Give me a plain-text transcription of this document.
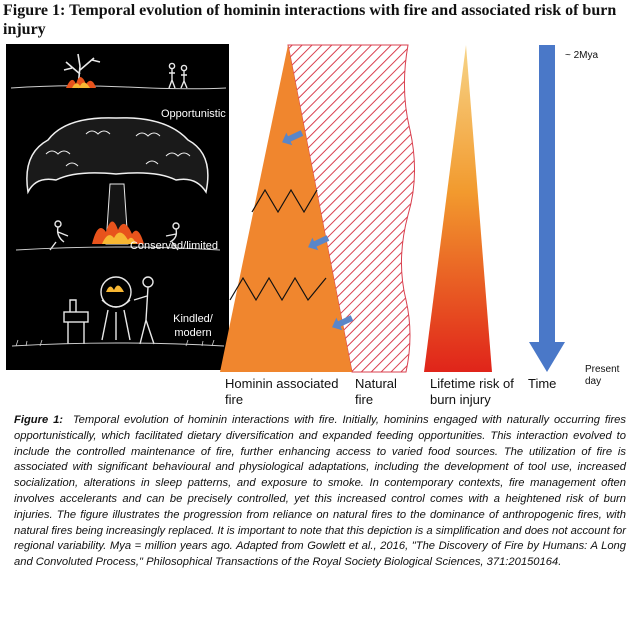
Figure 1: Temporal evolution of hominin interactions with fire and associated risk of burn injury
Opportunistic
Conserved/limited
Kindled/
modern
~ 2Mya
Present day
Hominin associated
fire
Natural
fire
Lifetime risk of
burn injury
Time
Figure 1: Temporal evolution of hominin interactions with fire. Initially, hominins engaged with naturally occurring fires opportunistically, which facilitated dietary diversification and expanded feeding opportunities. This interaction evolved to include the controlled maintenance of fire, further enhancing access to varied food sources. The utilization of fire is associated with significant behavioural and physiological adaptations, including the development of tool use, increased socialization, alterations in sleep patterns, and exposure to smoke. In contemporary contexts, fire management often involves accelerants and can be precisely controlled, yet this increased control comes with a heightened risk of burn injuries. The figure illustrates the progression from reliance on natural fires to the dominance of anthropogenic fires, with natural fires being increasingly replaced. It is important to note that this depiction is a simplification and does not account for regional variability. Mya = million years ago. Adapted from Gowlett et al., 2016, "The Discovery of Fire by Humans: A Long and Convoluted Process," Philosophical Transactions of the Royal Society Biological Sciences, 371:20150164.
